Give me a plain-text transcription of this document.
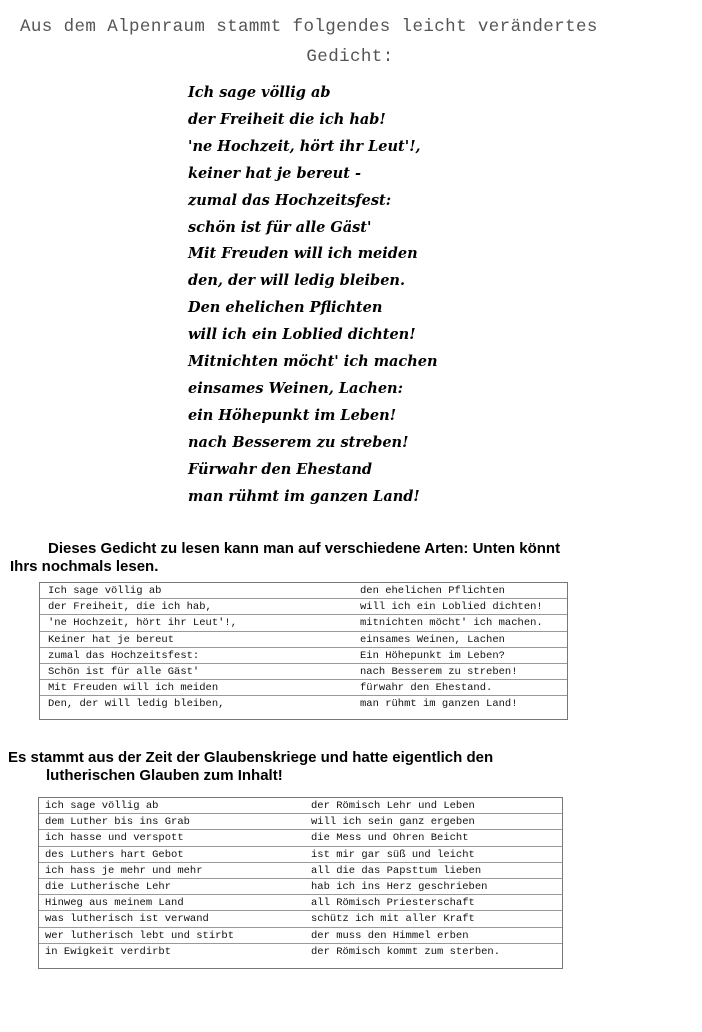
Aus dem Alpenraum stammt folgendes leicht verändertes
Gedicht:
Ich sage völlig ab
der Freiheit die ich hab!
'ne Hochzeit, hört ihr Leut'!,
keiner hat je bereut -
zumal das Hochzeitsfest:
schön ist für alle Gäst'
Mit Freuden will ich meiden
den, der will ledig bleiben.
Den ehelichen Pflichten
will ich ein Loblied dichten!
Mitnichten möcht' ich machen
einsames Weinen, Lachen:
ein Höhepunkt im Leben!
nach Besserem zu streben!
Fürwahr den Ehestand
man rühmt im ganzen Land!
Dieses Gedicht zu lesen kann man auf verschiedene Arten: Unten könnt
Ihrs nochmals lesen.
Ich sage völlig ab	den ehelichen Pflichten
der Freiheit, die ich hab,	will ich ein Loblied dichten!
'ne Hochzeit, hört ihr Leut'!,	mitnichten möcht' ich machen.
Keiner hat je bereut	einsames Weinen, Lachen
zumal das Hochzeitsfest:	Ein Höhepunkt im Leben?
Schön ist für alle Gäst'	nach Besserem zu streben!
Mit Freuden will ich meiden	fürwahr den Ehestand.
Den, der will ledig bleiben,	man rühmt im ganzen Land!
Es stammt aus der Zeit der Glaubenskriege und hatte eigentlich den
lutherischen Glauben zum Inhalt!
ich sage völlig ab	der Römisch Lehr und Leben
dem Luther bis ins Grab	will ich sein ganz ergeben
ich hasse und verspott	die Mess und Ohren Beicht
des Luthers hart Gebot	ist mir gar süß und leicht
ich hass je mehr und mehr	all die das Papsttum lieben
die Lutherische Lehr	hab ich ins Herz geschrieben
Hinweg aus meinem Land	all Römisch Priesterschaft
was lutherisch ist verwand	schütz ich mit aller Kraft
wer lutherisch lebt und stirbt	der muss den Himmel erben
in Ewigkeit verdirbt	der Römisch kommt zum sterben.
